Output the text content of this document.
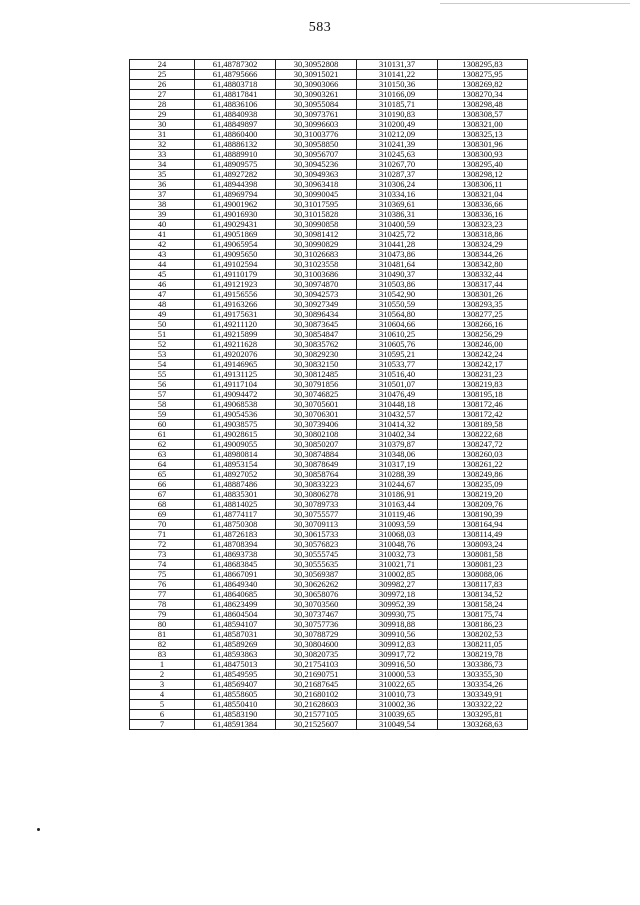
583
24	61,48787302	30,30952808	310131,37	1308295,83
25	61,48795666	30,30915021	310141,22	1308275,95
26	61,48803718	30,30903066	310150,36	1308269,82
27	61,48817841	30,30903261	310166,09	1308270,34
28	61,48836106	30,30955084	310185,71	1308298,48
29	61,48840938	30,30973761	310190,83	1308308,57
30	61,48849897	30,30996603	310200,49	1308321,00
31	61,48860400	30,31003776	310212,09	1308325,13
32	61,48886132	30,30958850	310241,39	1308301,96
33	61,48889910	30,30956707	310245,63	1308300,93
34	61,48909575	30,30945236	310267,70	1308295,40
35	61,48927282	30,30949363	310287,37	1308298,12
36	61,48944398	30,30963418	310306,24	1308306,11
37	61,48969794	30,30990045	310334,16	1308321,04
38	61,49001962	30,31017595	310369,61	1308336,66
39	61,49016930	30,31015828	310386,31	1308336,16
40	61,49029431	30,30990858	310400,59	1308323,23
41	61,49051869	30,30981412	310425,72	1308318,86
42	61,49065954	30,30990829	310441,28	1308324,29
43	61,49095650	30,31026683	310473,86	1308344,26
44	61,49102594	30,31023558	310481,64	1308342,80
45	61,49110179	30,31003686	310490,37	1308332,44
46	61,49121923	30,30974870	310503,86	1308317,44
47	61,49156556	30,30942573	310542,90	1308301,26
48	61,49163266	30,30927349	310550,59	1308293,35
49	61,49175631	30,30896434	310564,80	1308277,25
50	61,49211120	30,30873645	310604,66	1308266,16
51	61,49215899	30,30854847	310610,25	1308256,29
52	61,49211628	30,30835762	310605,76	1308246,00
53	61,49202076	30,30829230	310595,21	1308242,24
54	61,49146965	30,30832150	310533,77	1308242,17
55	61,49131125	30,30812485	310516,40	1308231,23
56	61,49117104	30,30791856	310501,07	1308219,83
57	61,49094472	30,30746825	310476,49	1308195,18
58	61,49068538	30,30705601	310448,18	1308172,46
59	61,49054536	30,30706301	310432,57	1308172,42
60	61,49038575	30,30739406	310414,32	1308189,58
61	61,49028615	30,30802108	310402,34	1308222,68
62	61,49009055	30,30850207	310379,87	1308247,72
63	61,48980814	30,30874884	310348,06	1308260,03
64	61,48953154	30,30878649	310317,19	1308261,22
65	61,48927052	30,30858764	310288,39	1308249,86
66	61,48887486	30,30833223	310244,67	1308235,09
67	61,48835301	30,30806278	310186,91	1308219,20
68	61,48814025	30,30789733	310163,44	1308209,76
69	61,48774117	30,30755577	310119,46	1308190,39
70	61,48750308	30,30709113	310093,59	1308164,94
71	61,48726183	30,30615733	310068,03	1308114,49
72	61,48708394	30,30576823	310048,76	1308093,24
73	61,48693738	30,30555745	310032,73	1308081,58
74	61,48683845	30,30555635	310021,71	1308081,23
75	61,48667091	30,30569387	310002,85	1308088,06
76	61,48649340	30,30626262	309982,27	1308117,83
77	61,48640685	30,30658076	309972,18	1308134,52
78	61,48623499	30,30703560	309952,39	1308158,24
79	61,48604504	30,30737467	309930,75	1308175,74
80	61,48594107	30,30757736	309918,88	1308186,23
81	61,48587031	30,30788729	309910,56	1308202,53
82	61,48589269	30,30804600	309912,83	1308211,05
83	61,48593863	30,30820735	309917,72	1308219,78
1	61,48475013	30,21754103	309916,50	1303386,73
2	61,48549595	30,21690751	310000,53	1303355,30
3	61,48569407	30,21687645	310022,65	1303354,26
4	61,48558605	30,21680102	310010,73	1303349,91
5	61,48550410	30,21628603	310002,36	1303322,22
6	61,48583190	30,21577105	310039,65	1303295,81
7	61,48591384	30,21525607	310049,54	1303268,63
